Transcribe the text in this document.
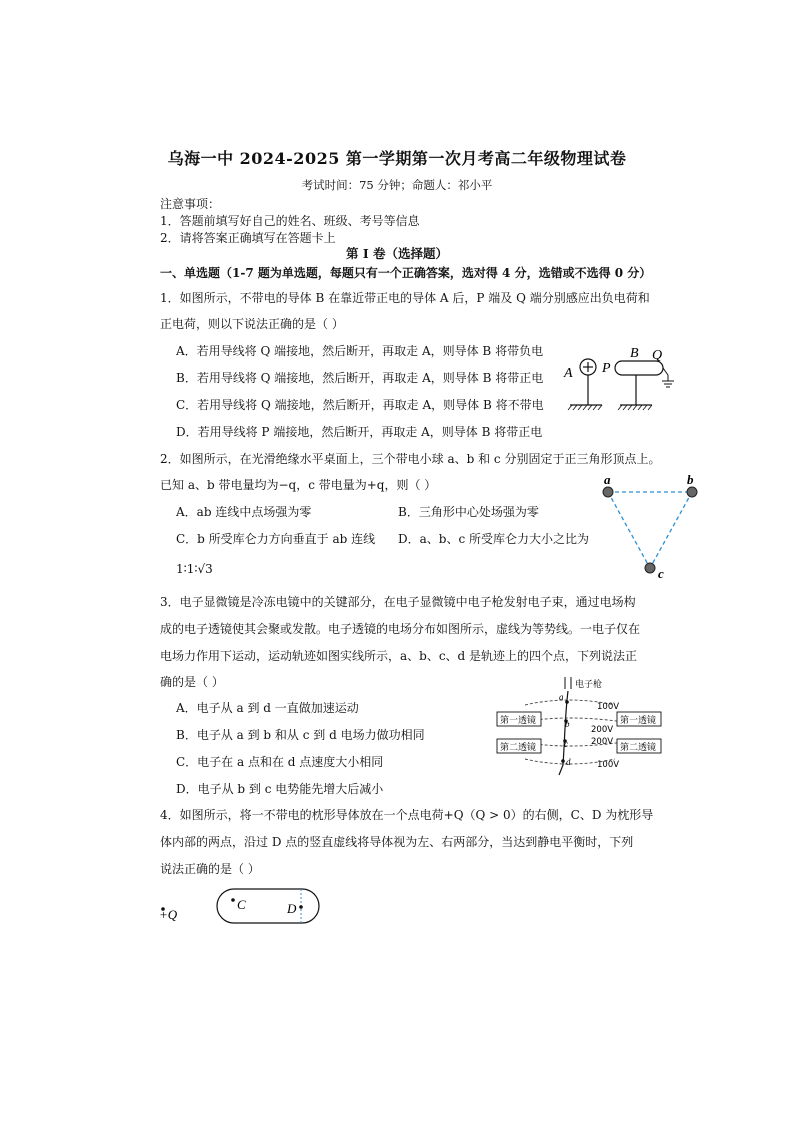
乌海一中 2024-2025 第一学期第一次月考高二年级物理试卷
考试时间：75 分钟；命题人：祁小平
注意事项：
1．答题前填写好自己的姓名、班级、考号等信息
2．请将答案正确填写在答题卡上
第 I 卷（选择题）
一、单选题（1-7 题为单选题，每题只有一个正确答案，选对得 4 分，选错或不选得 0 分）
1．如图所示，不带电的导体 B 在靠近带正电的导体 A 后，P 端及 Q 端分别感应出负电荷和
正电荷，则以下说法正确的是（ ）
A．若用导线将 Q 端接地，然后断开，再取走 A，则导体 B 将带负电
B．若用导线将 Q 端接地，然后断开，再取走 A，则导体 B 将带正电
C．若用导线将 Q 端接地，然后断开，再取走 A，则导体 B 将不带电
D．若用导线将 P 端接地，然后断开，再取走 A，则导体 B 将带正电
A P
B Q
2．如图所示，在光滑绝缘水平桌面上，三个带电小球 a、b 和 c 分别固定于正三角形顶点上。
已知 a、b 带电量均为−q，c 带电量为+q，则（ ）
A．ab 连线中点场强为零	B．三角形中心处场强为零
C．b 所受库仑力方向垂直于 ab 连线 D．a、b、c 所受库仑力大小之比为
1∶1∶√3
a	b
c
3．电子显微镜是冷冻电镜中的关键部分，在电子显微镜中电子枪发射电子束，通过电场构
成的电子透镜使其会聚或发散。电子透镜的电场分布如图所示，虚线为等势线。一电子仅在
电场力作用下运动，运动轨迹如图实线所示，a、b、c、d 是轨迹上的四个点，下列说法正
确的是（ ）
A．电子从 a 到 d 一直做加速运动
B．电子从 a 到 b 和从 c 到 d 电场力做功相同
C．电子在 a 点和在 d 点速度大小相同
D．电子从 b 到 c 电势能先增大后减小
电子枪
第一透镜	第一透镜
第二透镜	第二透镜
100V
200V
200V
100V
a
b
c
d
4．如图所示，将一不带电的枕形导体放在一个点电荷+Q（Q > 0）的右侧，C、D 为枕形导
体内部的两点，沿过 D 点的竖直虚线将导体视为左、右两部分，当达到静电平衡时，下列
说法正确的是（ ）
+Q
C	D
